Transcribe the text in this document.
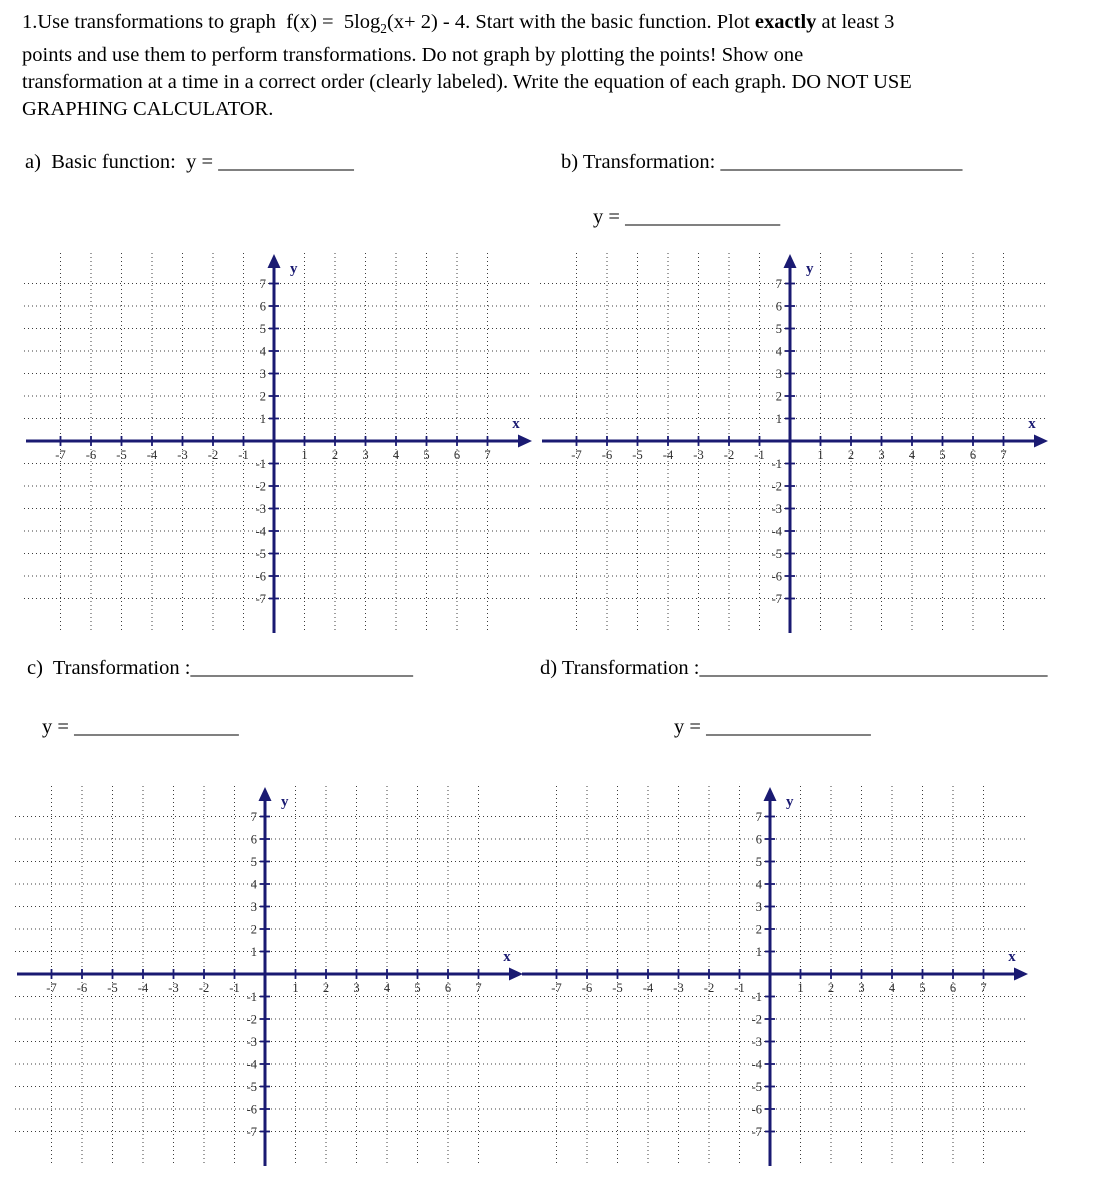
1.Use transformations to graph  $f(x) = 5\log_2(x+ 2) - 4$. Start with the basic function. Plot exactly at least 3
points and use them to perform transformations. Do not graph by plotting the points! Show one
transformation at a time in a correct order (clearly labeled). Write the equation of each graph. DO NOT USE
GRAPHING CALCULATOR.
a)  Basic function:  y = ______________	b) Transformation: _________________________
y = ________________
-7 -6 -5 -4 -3 -2 -1	1 2 3 4 5 6 7
7
6
5
4
3
2
1
-1
-2
-3
-4
-5
-6
-7
x
y
-7 -6 -5 -4 -3 -2 -1	1 2 3 4 5 6 7
7
6
5
4
3
2
1
-1
-2
-3
-4
-5
-6
-7
x
y
c)  Transformation :_______________________
y = _________________
d) Transformation :____________________________________
y = _________________
-7 -6 -5 -4 -3 -2 -1	1 2 3 4 5 6 7
7
6
5
4
3
2
1
-1
-2
-3
-4
-5
-6
-7
x
y
-7 -6 -5 -4 -3 -2 -1	1 2 3 4 5 6 7
7
6
5
4
3
2
1
-1
-2
-3
-4
-5
-6
-7
x
y
